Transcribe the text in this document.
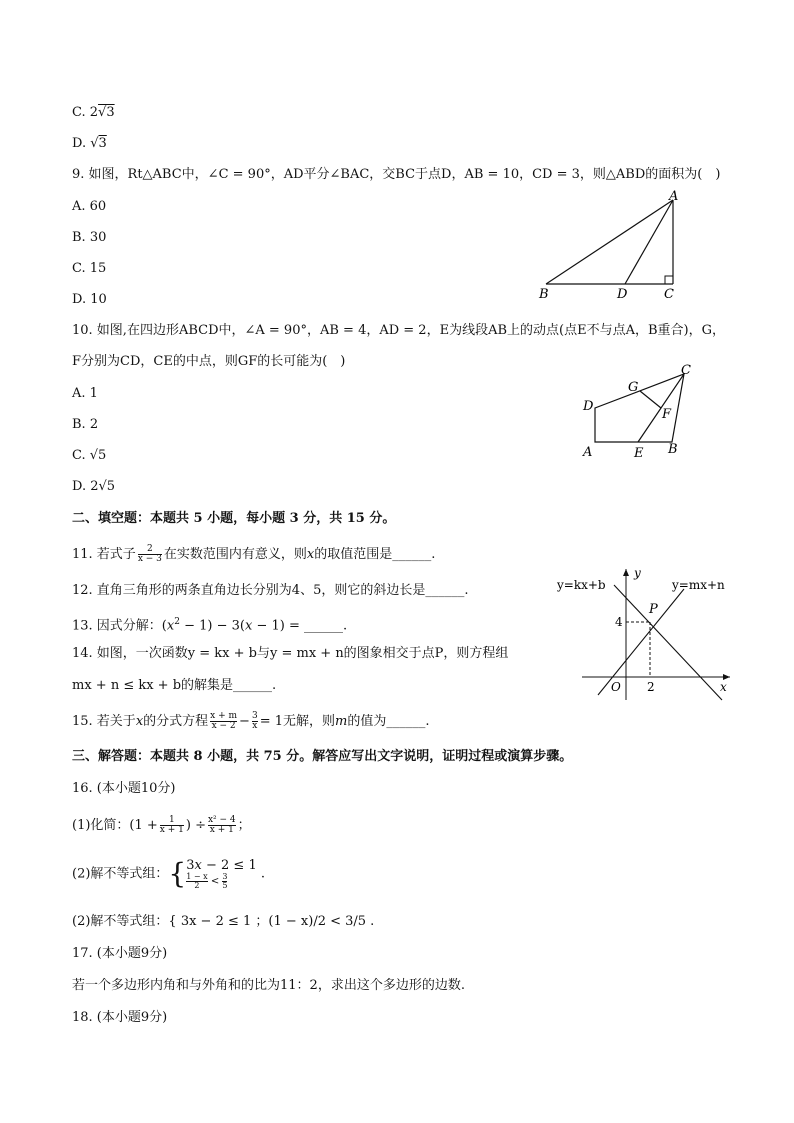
C. 2√3
D. √3
9. 如图，Rt△ABC中，∠C = 90°，AD平分∠BAC，交BC于点D，AB = 10，CD = 3，则△ABD的面积为(　)
A. 60
B. 30
C. 15
D. 10
A
B	D	C
10. 如图,在四边形ABCD中，∠A = 90°，AB = 4，AD = 2，E为线段AB上的动点(点E不与点A，B重合)，G，
F分别为CD，CE的中点，则GF的长可能为(　)
A. 1
B. 2
C. √5
D. 2√5
C
D
G
F
A	E B
二、填空题：本题共 5 小题，每小题 3 分，共 15 分。
11. 若式子 $\frac{2}{x - 3}$ 在实数范围内有意义，则x的取值范围是______.
12. 直角三角形的两条直角边长分别为4、5，则它的斜边长是______.
13. 因式分解：$(x^2 - 1) - 3(x - 1)$ = ______.
14. 如图，一次函数y = kx + b与y = mx + n的图象相交于点P，则方程组
mx + n ≤ kx + b的解集是______.
y=kx+b	y=mx+n
P
4
2
O
y
x
15. 若关于x的分式方程 $\frac{x + m}{x - 2} - \frac{3}{x} = 1$无解，则m的值为______.
三、解答题：本题共 8 小题，共 75 分。解答应写出文字说明，证明过程或演算步骤。
16. (本小题10分)
(1)化简：($1 + \frac{1}{x + 1}$ ) ÷ $\frac{\text{x² − 4}}{x + 1}$ ；
(2)解不等式组：{ 3x − 2 ≤ 1
$\frac{1 - x}{2} < \frac{3}{5}$ .
(2)解不等式组：{ 3x − 2 ≤ 1 ；(1 − x)/2 < 3/5 .
17. (本小题9分)
若一个多边形内角和与外角和的比为11：2，求出这个多边形的边数.
18. (本小题9分)
